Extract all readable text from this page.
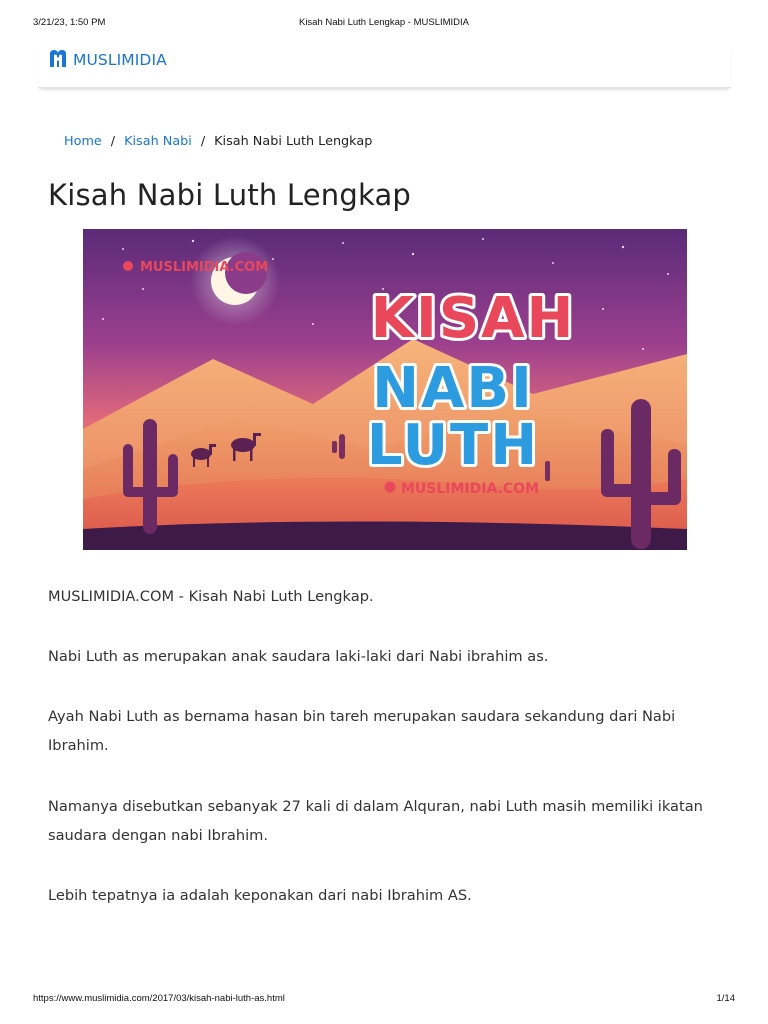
3/21/23, 1:50 PM	Kisah Nabi Luth Lengkap - MUSLIMIDIA
MUSLIMIDIA
Home / Kisah Nabi / Kisah Nabi Luth Lengkap
Kisah Nabi Luth Lengkap
MUSLIMIDIA.COM
KISAH
NABI
LUTH
MUSLIMIDIA.COM

MUSLIMIDIA.COM - Kisah Nabi Luth Lengkap.

Nabi Luth as merupakan anak saudara laki-laki dari Nabi ibrahim as.

Ayah Nabi Luth as bernama hasan bin tareh merupakan saudara sekandung dari Nabi Ibrahim.

Namanya disebutkan sebanyak 27 kali di dalam Alquran, nabi Luth masih memiliki ikatan saudara dengan nabi Ibrahim.

Lebih tepatnya ia adalah keponakan dari nabi Ibrahim AS.

https://www.muslimidia.com/2017/03/kisah-nabi-luth-as.html	1/14
